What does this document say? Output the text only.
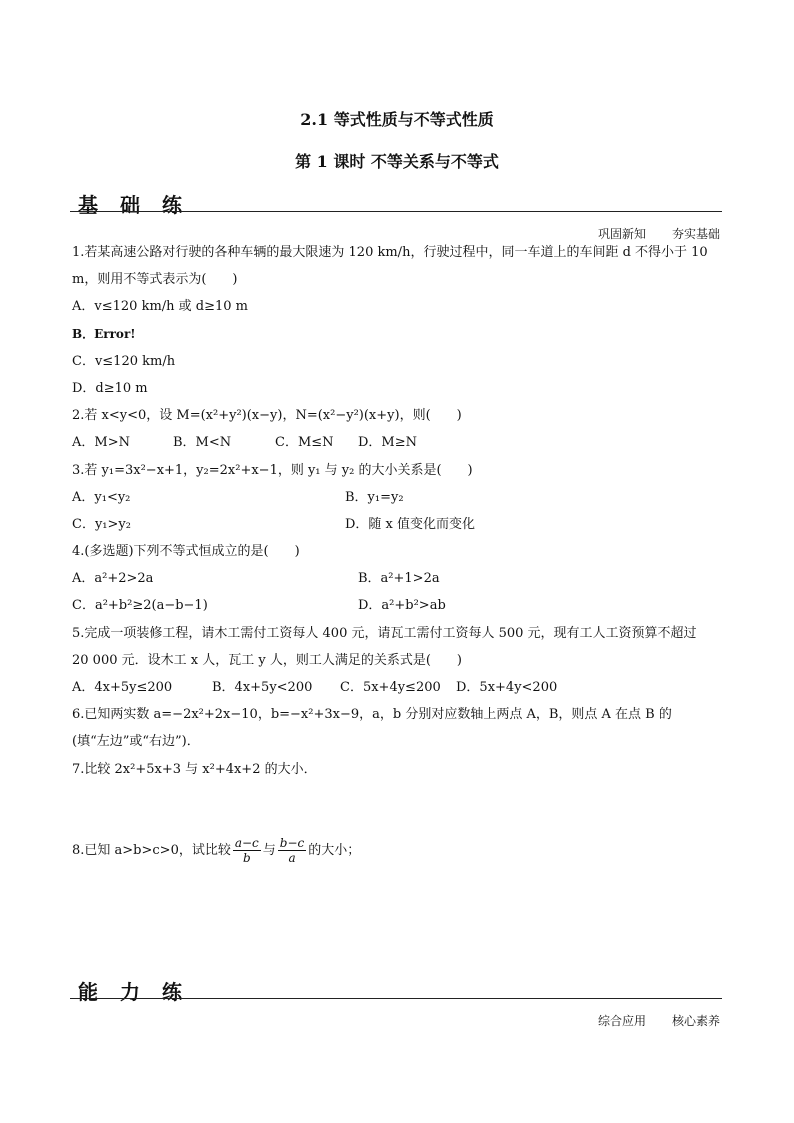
2.1 等式性质与不等式性质
第 1 课时 不等关系与不等式
基础练
巩固新知 夯实基础
1.若某高速公路对行驶的各种车辆的最大限速为 120 km/h，行驶过程中，同一车道上的车间距 d 不得小于 10
m，则用不等式表示为(　　)
A．v≤120 km/h 或 d≥10 m
B．Error!
C．v≤120 km/h
D．d≥10 m
2.若 x<y<0，设 M=(x²+y²)(x−y)，N=(x²−y²)(x+y)，则(　　)
A．M>N	B．M<N	C．M≤N D．M≥N
3.若 y₁=3x²−x+1，y₂=2x²+x−1，则 y₁ 与 y₂ 的大小关系是(　　)
A．y₁<y₂	B．y₁=y₂
C．y₁>y₂	D．随 x 值变化而变化
4.(多选题)下列不等式恒成立的是(　　)
A．a²+2>2a	B．a²+1>2a
C．a²+b²≥2(a−b−1)	D．a²+b²>ab
5.完成一项装修工程，请木工需付工资每人 400 元，请瓦工需付工资每人 500 元，现有工人工资预算不超过
20 000 元．设木工 x 人，瓦工 y 人，则工人满足的关系式是(　　)
A．4x+5y≤200	B．4x+5y<200 C．5x+4y≤200 D．5x+4y<200
6.已知两实数 a=−2x²+2x−10，b=−x²+3x−9，a，b 分别对应数轴上两点 A，B，则点 A 在点 B 的
(填“左边”或“右边”)．
7.比较 2x²+5x+3 与 x²+4x+2 的大小．
8.已知 a>b>c>0，试比较 $\frac{a-c}{b}$ 与 $\frac{b-c}{a}$ 的大小；
能力练
综合应用 核心素养
